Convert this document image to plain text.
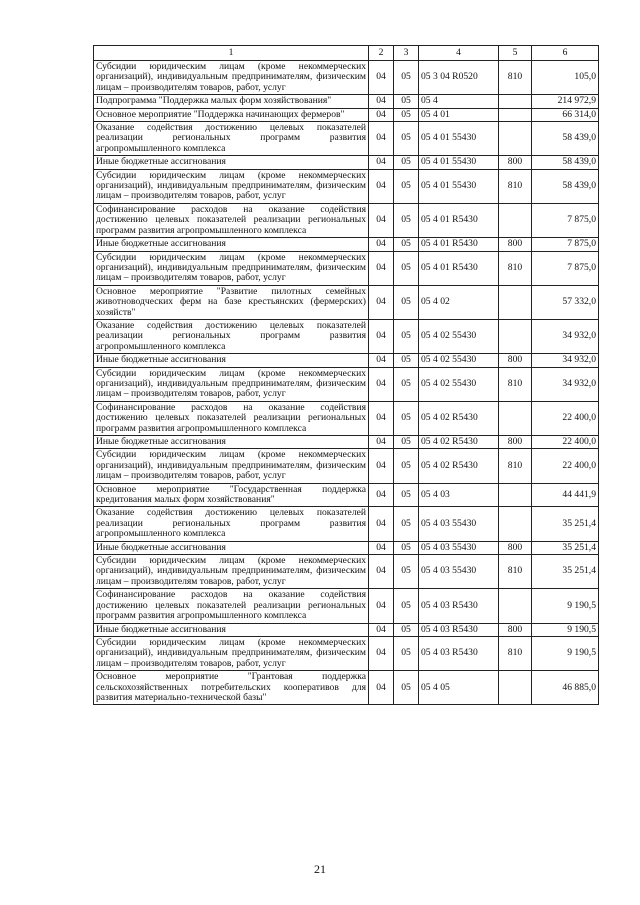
1	2	3	4	5	6
Субсидии юридическим лицам (кроме некоммерческих организаций), индивидуальным предпринимателям, физическим лицам – производителям товаров, работ, услуг	04	05	05 3 04 R0520	810	105,0
Подпрограмма "Поддержка малых форм хозяйствования"	04	05	05 4		214 972,9
Основное мероприятие "Поддержка начинающих фермеров"	04	05	05 4 01		66 314,0
Оказание содействия достижению целевых показателей реализации региональных программ развития агропромышленного комплекса	04	05	05 4 01 55430		58 439,0
Иные бюджетные ассигнования	04	05	05 4 01 55430	800	58 439,0
Субсидии юридическим лицам (кроме некоммерческих организаций), индивидуальным предпринимателям, физическим лицам – производителям товаров, работ, услуг	04	05	05 4 01 55430	810	58 439,0
Софинансирование расходов на оказание содействия достижению целевых показателей реализации региональных программ развития агропромышленного комплекса	04	05	05 4 01 R5430		7 875,0
Иные бюджетные ассигнования	04	05	05 4 01 R5430	800	7 875,0
Субсидии юридическим лицам (кроме некоммерческих организаций), индивидуальным предпринимателям, физическим лицам – производителям товаров, работ, услуг	04	05	05 4 01 R5430	810	7 875,0
Основное мероприятие "Развитие пилотных семейных животноводческих ферм на базе крестьянских (фермерских) хозяйств"	04	05	05 4 02		57 332,0
Оказание содействия достижению целевых показателей реализации региональных программ развития агропромышленного комплекса	04	05	05 4 02 55430		34 932,0
Иные бюджетные ассигнования	04	05	05 4 02 55430	800	34 932,0
Субсидии юридическим лицам (кроме некоммерческих организаций), индивидуальным предпринимателям, физическим лицам – производителям товаров, работ, услуг	04	05	05 4 02 55430	810	34 932,0
Софинансирование расходов на оказание содействия достижению целевых показателей реализации региональных программ развития агропромышленного комплекса	04	05	05 4 02 R5430		22 400,0
Иные бюджетные ассигнования	04	05	05 4 02 R5430	800	22 400,0
Субсидии юридическим лицам (кроме некоммерческих организаций), индивидуальным предпринимателям, физическим лицам – производителям товаров, работ, услуг	04	05	05 4 02 R5430	810	22 400,0
Основное мероприятие "Государственная поддержка кредитования малых форм хозяйствования"	04	05	05 4 03		44 441,9
Оказание содействия достижению целевых показателей реализации региональных программ развития агропромышленного комплекса	04	05	05 4 03 55430		35 251,4
Иные бюджетные ассигнования	04	05	05 4 03 55430	800	35 251,4
Субсидии юридическим лицам (кроме некоммерческих организаций), индивидуальным предпринимателям, физическим лицам – производителям товаров, работ, услуг	04	05	05 4 03 55430	810	35 251,4
Софинансирование расходов на оказание содействия достижению целевых показателей реализации региональных программ развития агропромышленного комплекса	04	05	05 4 03 R5430		9 190,5
Иные бюджетные ассигнования	04	05	05 4 03 R5430	800	9 190,5
Субсидии юридическим лицам (кроме некоммерческих организаций), индивидуальным предпринимателям, физическим лицам – производителям товаров, работ, услуг	04	05	05 4 03 R5430	810	9 190,5
Основное мероприятие "Грантовая поддержка сельскохозяйственных потребительских кооперативов для развития материально-технической базы"	04	05	05 4 05		46 885,0
21
